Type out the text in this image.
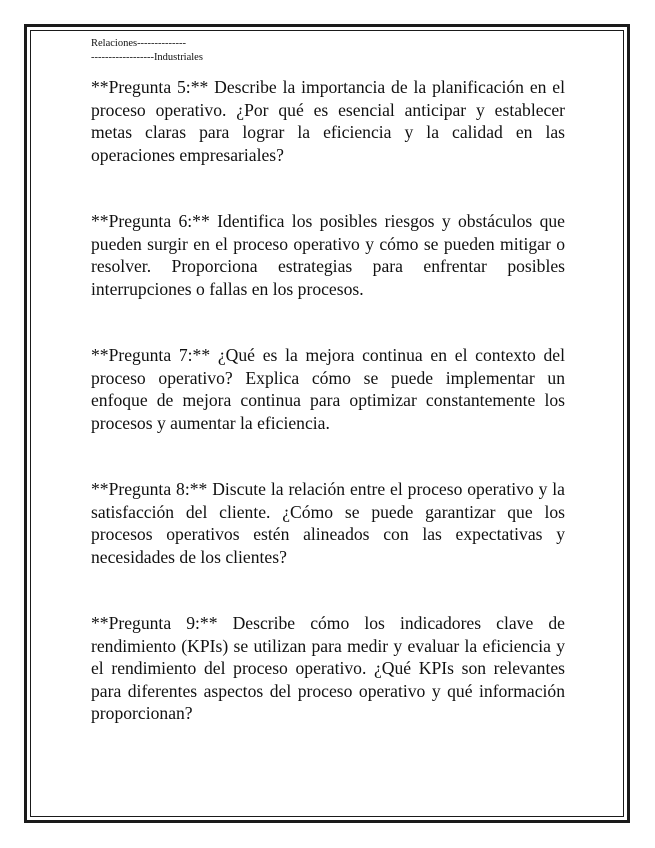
Relaciones--------------
------------------Industriales

**Pregunta 5:** Describe la importancia de la planificación en el proceso operativo. ¿Por qué es esencial anticipar y establecer metas claras para lograr la eficiencia y la calidad en las operaciones empresariales?

**Pregunta 6:** Identifica los posibles riesgos y obstáculos que pueden surgir en el proceso operativo y cómo se pueden mitigar o resolver. Proporciona estrategias para enfrentar posibles interrupciones o fallas en los procesos.

**Pregunta 7:** ¿Qué es la mejora continua en el contexto del proceso operativo? Explica cómo se puede implementar un enfoque de mejora continua para optimizar constantemente los procesos y aumentar la eficiencia.

**Pregunta 8:** Discute la relación entre el proceso operativo y la satisfacción del cliente. ¿Cómo se puede garantizar que los procesos operativos estén alineados con las expectativas y necesidades de los clientes?

**Pregunta 9:** Describe cómo los indicadores clave de rendimiento (KPIs) se utilizan para medir y evaluar la eficiencia y el rendimiento del proceso operativo. ¿Qué KPIs son relevantes para diferentes aspectos del proceso operativo y qué información proporcionan?
